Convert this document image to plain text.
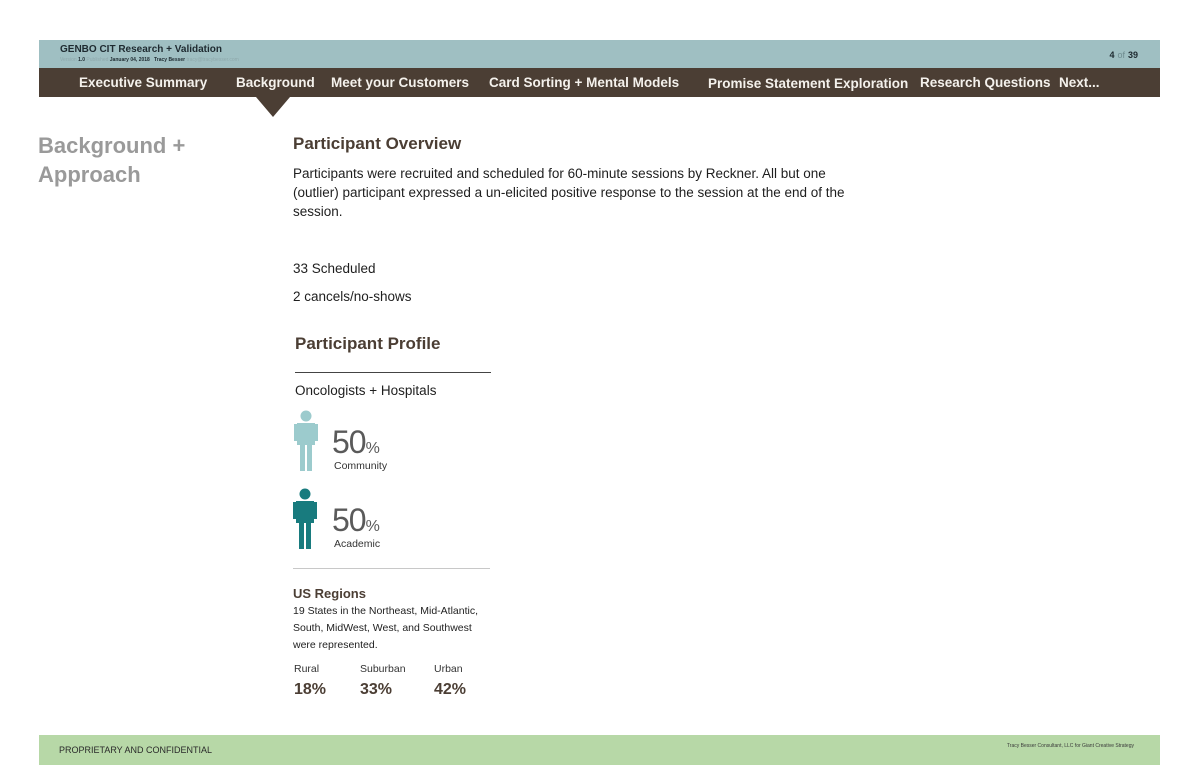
GENBO CIT Research + Validation
Version 1.0 Published January 04, 2018 Tracy Besser tracy@tracybesser.com	4 of 39
Executive Summary Background Meet your Customers Card Sorting + Mental Models Promise Statement Exploration Research Questions Next...
Background + Approach
Participant Overview
Participants were recruited and scheduled for 60-minute sessions by Reckner. All but one (outlier) participant expressed a un-elicited positive response to the session at the end of the session.
33 Scheduled
2 cancels/no-shows
Participant Profile
Oncologists + Hospitals
50%
Community
50%
Academic
US Regions
19 States in the Northeast, Mid-Atlantic, South, MidWest, West, and Southwest were represented.
Rural	Suburban	Urban
18% 33%	42%
PROPRIETARY AND CONFIDENTIAL	Tracy Besser Consultant, LLC for Giant Creative Strategy
